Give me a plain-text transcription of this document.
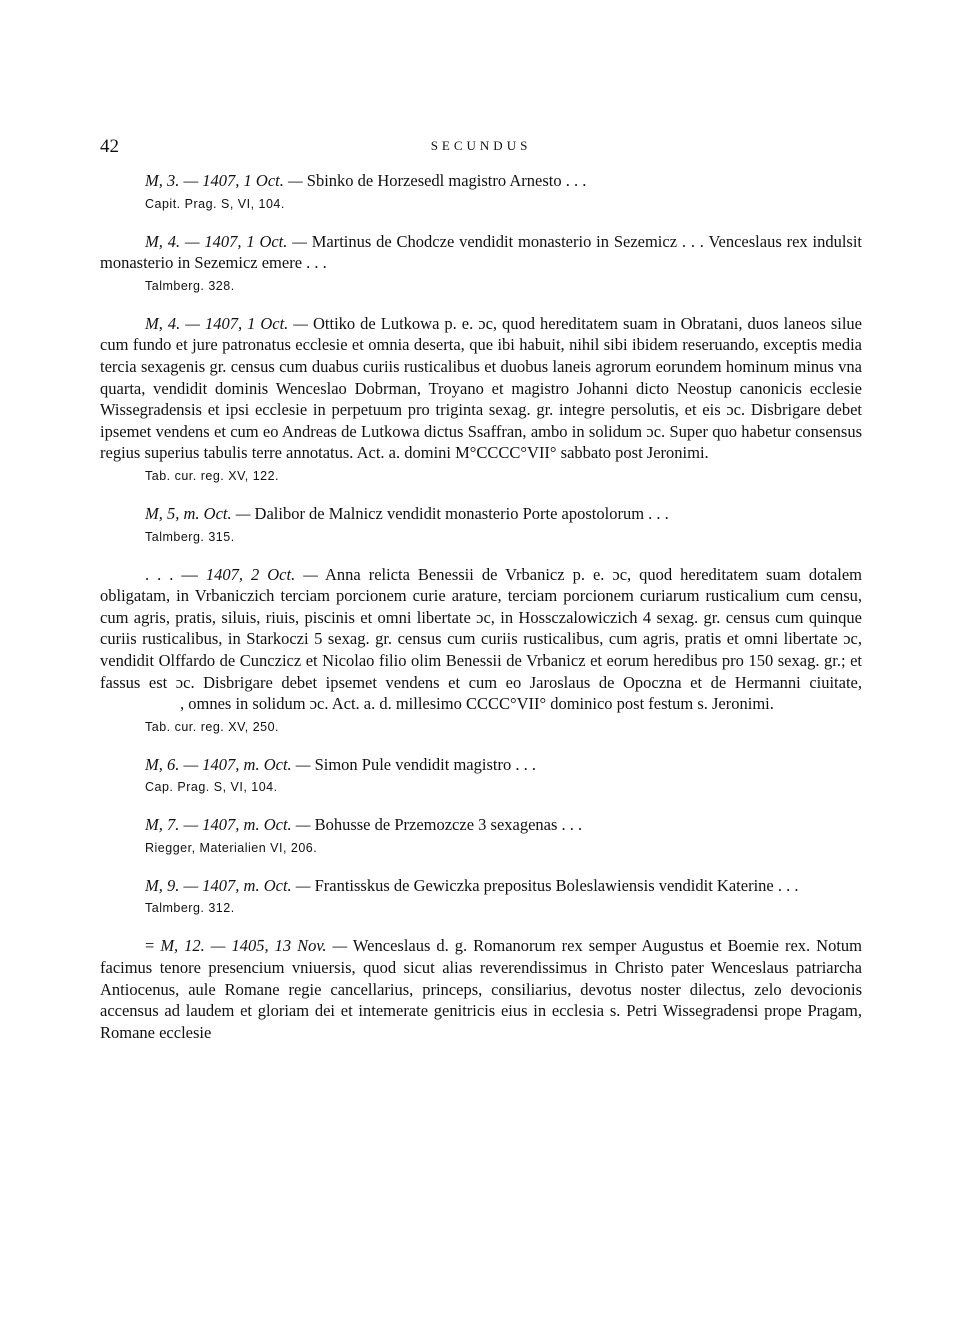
42	SECUNDUS

M, 3. — 1407, 1 Oct. — Sbinko de Horzesedl magistro Arnesto . . .

Capit. Prag. S, VI, 104.

M, 4. — 1407, 1 Oct. — Martinus de Chodcze vendidit monasterio in Sezemicz . . . Venceslaus rex indulsit monasterio in Sezemicz emere . . .

Talmberg. 328.

M, 4. — 1407, 1 Oct. — Ottiko de Lutkowa p. e. ɔc, quod hereditatem suam in Obratani, duos laneos silue cum fundo et jure patronatus ecclesie et omnia deserta, que ibi habuit, nihil sibi ibidem reseruando, exceptis media tercia sexagenis gr. census cum duabus curiis rusticalibus et duobus laneis agrorum eorundem hominum minus vna quarta, vendidit dominis Wenceslao Dobrman, Troyano et magistro Johanni dicto Neostup canonicis ecclesie Wissegradensis et ipsi ecclesie in perpetuum pro triginta sexag. gr. integre persolutis, et eis ɔc. Disbrigare debet ipsemet vendens et cum eo Andreas de Lutkowa dictus Ssaffran, ambo in solidum ɔc. Super quo habetur consensus regius superius tabulis terre annotatus. Act. a. domini M°CCCC°VII° sabbato post Jeronimi.

Tab. cur. reg. XV, 122.

M, 5, m. Oct. — Dalibor de Malnicz vendidit monasterio Porte apostolorum . . .

Talmberg. 315.

. . . — 1407, 2 Oct. — Anna relicta Benessii de Vrbanicz p. e. ɔc, quod hereditatem suam dotalem obligatam, in Vrbaniczich terciam porcionem curie arature, terciam porcionem curiarum rusticalium cum censu, cum agris, pratis, siluis, riuis, piscinis et omni libertate ɔc, in Hossczalowiczich 4 sexag. gr. census cum quinque curiis rusticalibus, in Starkoczi 5 sexag. gr. census cum curiis rusticalibus, cum agris, pratis et omni libertate ɔc, vendidit Olffardo de Cunczicz et Nicolao filio olim Benessii de Vrbanicz et eorum heredibus pro 150 sexag. gr.; et fassus est ɔc. Disbrigare debet ipsemet vendens et cum eo Jaroslaus de Opoczna et de Hermanni ciuitate,, omnes in solidum ɔc. Act. a. d. millesimo CCCC°VII° dominico post festum s. Jeronimi.

Tab. cur. reg. XV, 250.

M, 6. — 1407, m. Oct. — Simon Pule vendidit magistro . . .

Cap. Prag. S, VI, 104.

M, 7. — 1407, m. Oct. — Bohusse de Przemozcze 3 sexagenas . . .

Riegger, Materialien VI, 206.

M, 9. — 1407, m. Oct. — Frantisskus de Gewiczka prepositus Boleslawiensis vendidit Katerine . . .

Talmberg. 312.

= M, 12. — 1405, 13 Nov. — Wenceslaus d. g. Romanorum rex semper Augustus et Boemie rex. Notum facimus tenore presencium vniuersis, quod sicut alias reverendissimus in Christo pater Wenceslaus patriarcha Antiocenus, aule Romane regie cancellarius, princeps, consiliarius, devotus noster dilectus, zelo devocionis accensus ad laudem et gloriam dei et intemerate genitricis eius in ecclesia s. Petri Wissegradensi prope Pragam, Romane ecclesie
